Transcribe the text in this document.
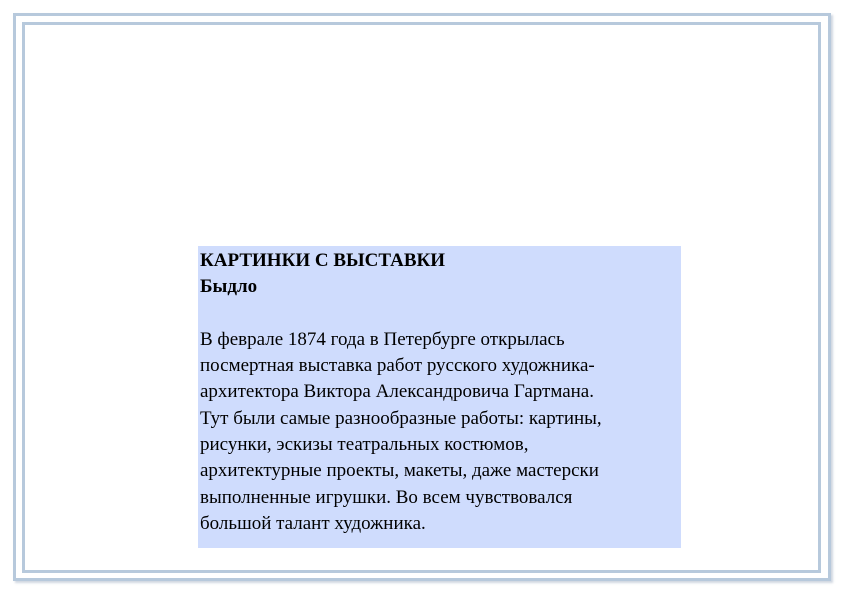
КАРТИНКИ С ВЫСТАВКИ

Быдло

В феврале 1874 года в Петербурге открылась

посмертная выставка работ русского художника-

архитектора Виктора Александровича Гартмана.

Тут были самые разнообразные работы: картины,

рисунки, эскизы театральных костюмов,

архитектурные проекты, макеты, даже мастерски

выполненные игрушки. Во всем чувствовался

большой талант художника.
